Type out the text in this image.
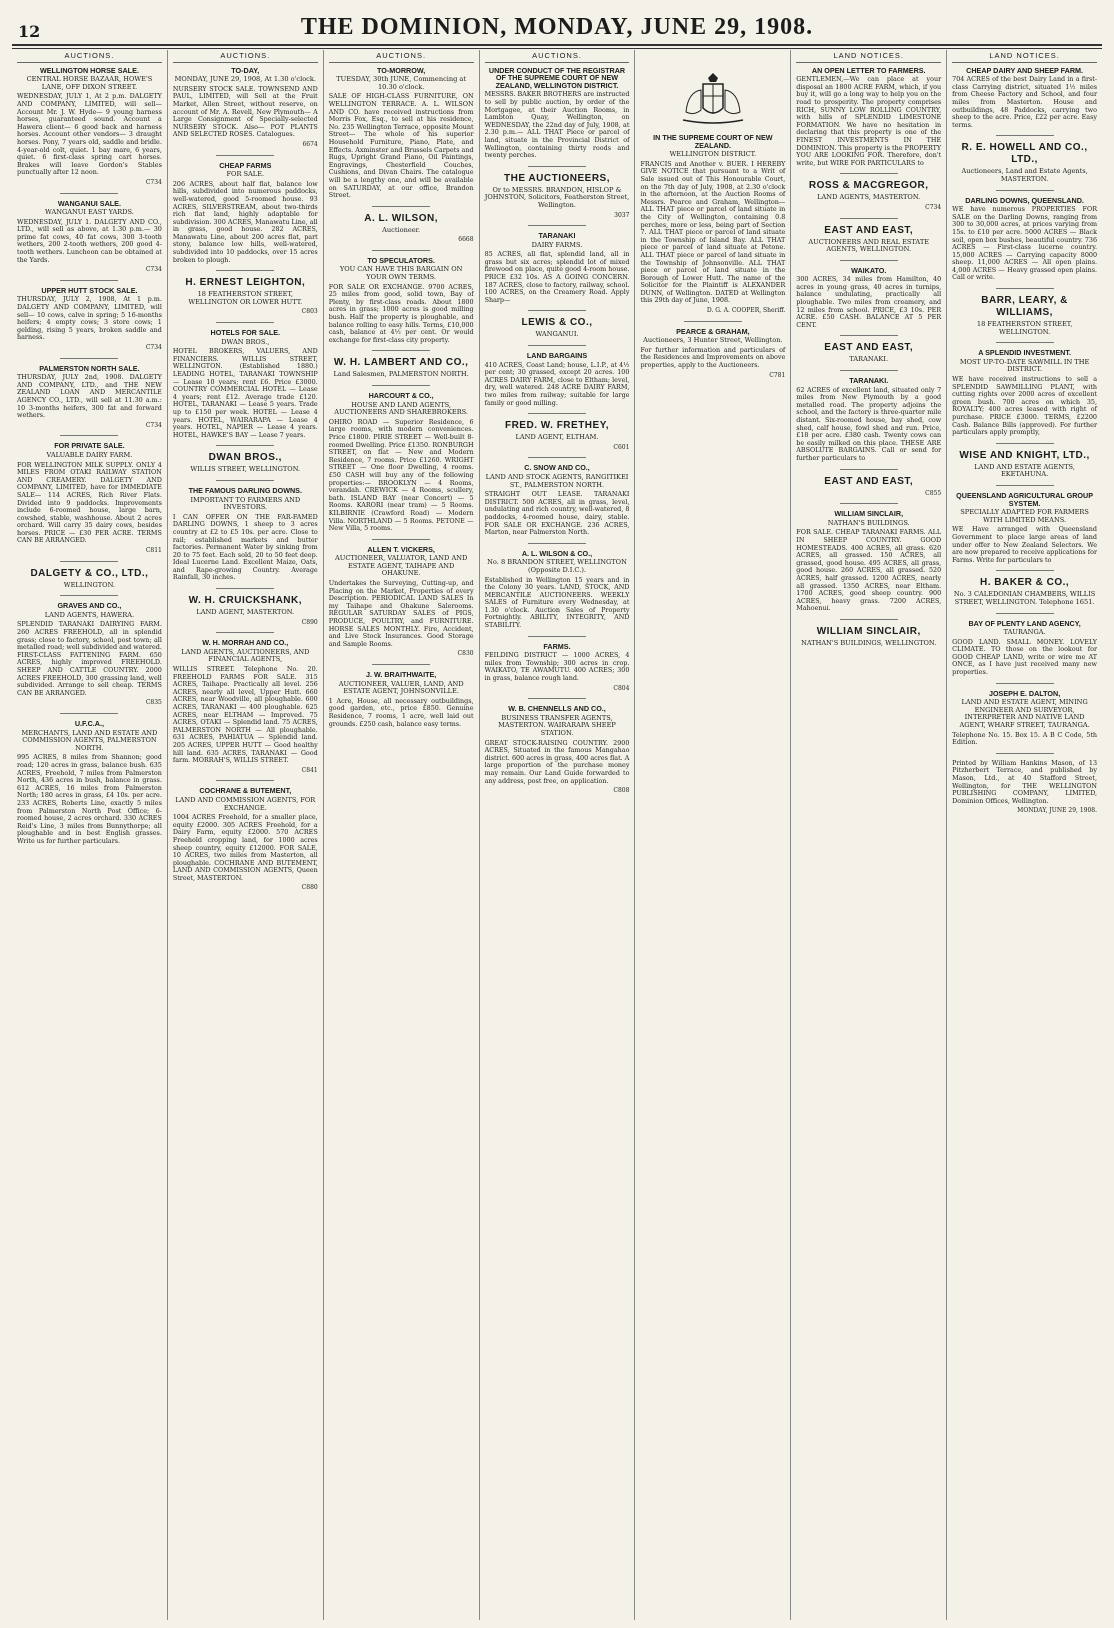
12	THE DOMINION, MONDAY, JUNE 29, 1908.
AUCTIONS.
WELLINGTON HORSE SALE.
CENTRAL HORSE BAZAAR, HOWE'S LANE, OFF DIXON STREET.
WEDNESDAY, JULY 1, At 2 p.m. DALGETY AND COMPANY, LIMITED, will sell— Account Mr. J. W. Hyde— 9 young harness horses, guaranteed sound. Account a Hawera client— 6 good back and harness horses. Account other vendors— 3 draught horses. Pony, 7 years old, saddle and bridle. 4-year-old colt, quiet. 1 bay mare, 6 years, quiet. 6 first-class spring cart horses. Brakes will leave Gordon's Stables punctually after 12 noon.
C734
WANGANUI SALE.
WANGANUI EAST YARDS.
WEDNESDAY, JULY 1. DALGETY AND CO., LTD., will sell as above, at 1.30 p.m.— 30 prime fat cows, 40 fat cows, 300 3-tooth wethers, 200 2-tooth wethers, 200 good 4-tooth wethers. Luncheon can be obtained at the Yards.
C734
UPPER HUTT STOCK SALE.
THURSDAY, JULY 2, 1908, At 1 p.m. DALGETY AND COMPANY, LIMITED, will sell— 10 cows, calve in spring; 5 16-months heifers; 4 empty cows; 3 store cows; 1 gelding, rising 5 years, broken saddle and harness.
C734
PALMERSTON NORTH SALE.
THURSDAY, JULY 2nd, 1908. DALGETY AND COMPANY, LTD., and THE NEW ZEALAND LOAN AND MERCANTILE AGENCY CO., LTD., will sell at 11.30 a.m.: 10 3-months heifers, 300 fat and forward wethers.
C734
FOR PRIVATE SALE.
VALUABLE DAIRY FARM.
FOR WELLINGTON MILK SUPPLY. ONLY 4 MILES FROM OTAKI RAILWAY STATION AND CREAMERY. DALGETY AND COMPANY, LIMITED, have for IMMEDIATE SALE— 114 ACRES, Rich River Flats. Divided into 9 paddocks. Improvements include 6-roomed house, large barn, cowshed, stable, washhouse. About 2 acres orchard. Will carry 35 dairy cows, besides horses. PRICE — £30 PER ACRE. TERMS CAN BE ARRANGED.
C811
DALGETY & CO., LTD.,
WELLINGTON.
GRAVES AND CO.,
LAND AGENTS, HAWERA.
SPLENDID TARANAKI DAIRYING FARM. 260 ACRES FREEHOLD, all in splendid grass; close to factory, school, post town; all metalled road; well subdivided and watered. FIRST-CLASS FATTENING FARM. 650 ACRES, highly improved FREEHOLD. SHEEP AND CATTLE COUNTRY. 2000 ACRES FREEHOLD, 300 grassing land, well subdivided. Arrange to sell cheap. TERMS CAN BE ARRANGED.
C835
U.F.C.A.,
MERCHANTS, LAND AND ESTATE AND COMMISSION AGENTS, PALMERSTON NORTH.
995 ACRES, 8 miles from Shannon; good road; 120 acres in grass, balance bush. 635 ACRES, Freehold, 7 miles from Palmerston North, 436 acres in bush, balance in grass. 612 ACRES, 16 miles from Palmerston North; 180 acres in grass, £4 10s. per acre. 233 ACRES, Roberts Line, exactly 5 miles from Palmerston North Post Office; 6-roomed house, 2 acres orchard. 330 ACRES Reid's Line, 3 miles from Bunnythorpe; all ploughable and in best English grasses. Write us for further particulars.
AUCTIONS.
TO-DAY,
MONDAY, JUNE 29, 1908, At 1.30 o'clock.
NURSERY STOCK SALE. TOWNSEND AND PAUL, LIMITED, will Sell at the Fruit Market, Allen Street, without reserve, on account of Mr. A. Revell, New Plymouth— A Large Consignment of Specially-selected NURSERY STOCK. Also— POT PLANTS AND SELECTED ROSES. Catalogues.
6674
CHEAP FARMS
FOR SALE.
206 ACRES, about half flat, balance low hills, subdivided into numerous paddocks, well-watered, good 5-roomed house. 93 ACRES, SILVERSTREAM, about two-thirds rich flat land, highly adaptable for subdivision. 300 ACRES, Manawatu Line, all in grass, good house. 282 ACRES, Manawatu Line, about 200 acres flat, part stony, balance low hills, well-watered, subdivided into 10 paddocks, over 15 acres broken to plough.
H. ERNEST LEIGHTON,
18 FEATHERSTON STREET, WELLINGTON OR LOWER HUTT.
C803
HOTELS FOR SALE.
DWAN BROS.,
HOTEL BROKERS, VALUERS, AND FINANCIERS. WILLIS STREET, WELLINGTON. (Established 1880.) LEADING HOTEL, TARANAKI TOWNSHIP — Lease 10 years; rent £6. Price £3000. COUNTRY COMMERCIAL HOTEL — Lease 4 years; rent £12. Average trade £120. HOTEL, TARANAKI — Lease 5 years. Trade up to £150 per week. HOTEL — Lease 4 years. HOTEL, WAIRARAPA — Lease 4 years. HOTEL, NAPIER — Lease 4 years. HOTEL, HAWKE'S BAY — Lease 7 years.
DWAN BROS.,
WILLIS STREET, WELLINGTON.
THE FAMOUS DARLING DOWNS.
IMPORTANT TO FARMERS AND INVESTORS.
I CAN OFFER ON THE FAR-FAMED DARLING DOWNS, 1 sheep to 3 acres country at £2 to £5 10s. per acre. Close to rail; established markets and butter factories. Permanent Water by sinking from 20 to 75 feet. Each sold, 20 to 50 feet deep. Ideal Lucerne Land. Excellent Maize, Oats, and Rape-growing Country. Average Rainfall, 30 inches.
W. H. CRUICKSHANK,
LAND AGENT, MASTERTON.
C890
W. H. MORRAH AND CO.,
LAND AGENTS, AUCTIONEERS, AND FINANCIAL AGENTS,
WILLIS STREET. Telephone No. 20. FREEHOLD FARMS FOR SALE. 315 ACRES, Taihape. Practically all level. 256 ACRES, nearly all level, Upper Hutt. 660 ACRES, near Woodville, all ploughable. 600 ACRES, TARANAKI — 400 ploughable. 625 ACRES, near ELTHAM — Improved. 75 ACRES, OTAKI — Splendid land. 75 ACRES, PALMERSTON NORTH — All ploughable. 631 ACRES, PAHIATUA — Splendid land. 205 ACRES, UPPER HUTT — Good healthy hill land. 635 ACRES, TARANAKI — Good farm. MORRAH'S, WILLIS STREET.
C841
COCHRANE & BUTEMENT,
LAND AND COMMISSION AGENTS, FOR EXCHANGE.
1004 ACRES Freehold, for a smaller place, equity £2000. 305 ACRES Freehold, for a Dairy Farm, equity £2000. 570 ACRES Freehold cropping land, for 1000 acres sheep country, equity £12000. FOR SALE, 10 ACRES, two miles from Masterton, all ploughable. COCHRANE AND BUTEMENT, LAND AND COMMISSION AGENTS, Queen Street, MASTERTON.
C880
AUCTIONS.
TO-MORROW,
TUESDAY, 30th JUNE, Commencing at 10.30 o'clock.
SALE OF HIGH-CLASS FURNITURE, ON WELLINGTON TERRACE. A. L. WILSON AND CO. have received instructions from Morris Fox, Esq., to sell at his residence, No. 235 Wellington Terrace, opposite Mount Street— The whole of his superior Household Furniture, Piano, Plate, and Effects. Axminster and Brussels Carpets and Rugs, Upright Grand Piano, Oil Paintings, Engravings, Chesterfield Couches, Cushions, and Divan Chairs. The catalogue will be a lengthy one, and will be available on SATURDAY, at our office, Brandon Street.
A. L. WILSON,
Auctioneer.
6668
TO SPECULATORS.
YOU CAN HAVE THIS BARGAIN ON YOUR OWN TERMS.
FOR SALE OR EXCHANGE. 9700 ACRES, 25 miles from good, solid town, Bay of Plenty, by first-class roads. About 1800 acres in grass; 1000 acres is good milling bush. Half the property is ploughable, and balance rolling to easy hills. Terms, £10,000 cash, balance at 4½ per cent. Or would exchange for first-class city property.
W. H. LAMBERT AND CO.,
Land Salesmen, PALMERSTON NORTH.
HARCOURT & CO.,
HOUSE AND LAND AGENTS, AUCTIONEERS AND SHAREBROKERS.
OHIRO ROAD — Superior Residence, 6 large rooms, with modern conveniences. Price £1800. PIRIE STREET — Well-built 8-roomed Dwelling. Price £1350. RONBURGH STREET, on flat — New and Modern Residence, 7 rooms. Price £1260. WRIGHT STREET — One floor Dwelling, 4 rooms. £50 CASH will buy any of the following properties:— BROOKLYN — 4 Rooms, verandah. CREWICK — 4 Rooms, scullery, bath. ISLAND BAY (near Concert) — 5 Rooms. KARORI (near tram) — 5 Rooms. KILBIRNIE (Crawford Road) — Modern Villa. NORTHLAND — 5 Rooms. PETONE — New Villa, 5 rooms.
ALLEN T. VICKERS,
AUCTIONEER, VALUATOR, LAND AND ESTATE AGENT, TAIHAPE AND OHAKUNE.
Undertakes the Surveying, Cutting-up, and Placing on the Market, Properties of every Description. PERIODICAL LAND SALES In my Taihape and Ohakune Salerooms. REGULAR SATURDAY SALES of PIGS, PRODUCE, POULTRY, and FURNITURE. HORSE SALES MONTHLY. Fire, Accident, and Live Stock Insurances. Good Storage and Sample Rooms.
C830
J. W. BRAITHWAITE,
AUCTIONEER, VALUER, LAND, AND ESTATE AGENT, JOHNSONVILLE.
1 Acre, House, all necessary outbuildings, good garden, etc., price £850. Genuine Residence, 7 rooms, 1 acre, well laid out grounds. £250 cash, balance easy terms.
AUCTIONS.
UNDER CONDUCT OF THE REGISTRAR OF THE SUPREME COURT OF NEW ZEALAND, WELLINGTON DISTRICT.
MESSRS. BAKER BROTHERS are instructed to sell by public auction, by order of the Mortgagee, at their Auction Rooms, in Lambton Quay, Wellington, on WEDNESDAY, the 22nd day of July, 1908, at 2.30 p.m.— ALL THAT Piece or parcel of land, situate in the Provincial District of Wellington, containing thirty roods and twenty perches.
THE AUCTIONEERS,
Or to MESSRS. BRANDON, HISLOP & JOHNSTON, Solicitors, Featherston Street, Wellington.
3037
TARANAKI
DAIRY FARMS.
85 ACRES, all flat, splendid land, all in grass but six acres; splendid lot of mixed firewood on place, quite good 4-room house. PRICE £32 10s. AS A GOING CONCERN. 187 ACRES, close to factory, railway, school. 100 ACRES, on the Creamery Road. Apply Sharp—
LEWIS & CO.,
WANGANUI.
LAND BARGAINS
410 ACRES, Coast Land; house, L.I.P., at 4½ per cent; 30 grassed, except 20 acres. 100 ACRES DAIRY FARM, close to Eltham; level, dry, well watered. 248 ACRE DAIRY FARM, two miles from railway; suitable for large family or good milling.
FRED. W. FRETHEY,
LAND AGENT, ELTHAM.
C601
C. SNOW AND CO.,
LAND AND STOCK AGENTS, RANGITIKEI ST., PALMERSTON NORTH.
STRAIGHT OUT LEASE. TARANAKI DISTRICT. 500 ACRES, all in grass, level, undulating and rich country, well-watered, 8 paddocks, 4-roomed house, dairy, stable. FOR SALE OR EXCHANGE. 236 ACRES, Marton, near Palmerston North.
A. L. WILSON & CO.,
No. 8 BRANDON STREET, WELLINGTON (Opposite D.I.C.).
Established in Wellington 15 years and in the Colony 30 years. LAND, STOCK, AND MERCANTILE AUCTIONEERS. WEEKLY SALES of Furniture every Wednesday, at 1.30 o'clock. Auction Sales of Property Fortnightly. ABILITY, INTEGRITY, AND STABILITY.
FARMS.
FEILDING DISTRICT — 1000 ACRES, 4 miles from Township; 300 acres in crop. WAIKATO, TE AWAMUTU. 400 ACRES; 300 in grass, balance rough land.
C804
W. B. CHENNELLS AND CO.,
BUSINESS TRANSFER AGENTS, MASTERTON. WAIRARAPA SHEEP STATION.
GREAT STOCK-RAISING COUNTRY. 2900 ACRES, Situated in the famous Mangahao district. 600 acres in grass, 400 acres flat. A large proportion of the purchase money may remain. Our Land Guide forwarded to any address, post free, on application.
C808
IN THE SUPREME COURT OF NEW ZEALAND.
WELLINGTON DISTRICT.
FRANCIS and Another v. BUER. I HEREBY GIVE NOTICE that pursuant to a Writ of Sale issued out of This Honourable Court, on the 7th day of July, 1908, at 2.30 o'clock in the afternoon, at the Auction Rooms of Messrs. Pearce and Graham, Wellington— ALL THAT piece or parcel of land situate in the City of Wellington, containing 0.8 perches, more or less, being part of Section 7. ALL THAT piece or parcel of land situate in the Township of Island Bay. ALL THAT piece or parcel of land situate at Petone. ALL THAT piece or parcel of land situate in the Township of Johnsonville. ALL THAT piece or parcel of land situate in the Borough of Lower Hutt. The name of the Solicitor for the Plaintiff is ALEXANDER DUNN, of Wellington. DATED at Wellington this 29th day of June, 1908.
D. G. A. COOPER, Sheriff.
PEARCE & GRAHAM,
Auctioneers, 3 Hunter Street, Wellington.
For further information and particulars of the Residences and Improvements on above properties, apply to the Auctioneers.
C781
LAND NOTICES.
AN OPEN LETTER TO FARMERS.
GENTLEMEN,—We can place at your disposal an 1800 ACRE FARM, which, if you buy it, will go a long way to help you on the road to prosperity. The property comprises RICH, SUNNY LOW ROLLING COUNTRY, with hills of SPLENDID LIMESTONE FORMATION. We have no hesitation in declaring that this property is one of the FINEST INVESTMENTS IN THE DOMINION. This property is the PROPERTY YOU ARE LOOKING FOR. Therefore, don't write, but WIRE FOR PARTICULARS to
ROSS & MACGREGOR,
LAND AGENTS, MASTERTON.
C734
EAST AND EAST,
AUCTIONEERS AND REAL ESTATE AGENTS, WELLINGTON.
WAIKATO.
300 ACRES, 34 miles from Hamilton, 40 acres in young grass, 40 acres in turnips, balance undulating, practically all ploughable. Two miles from creamery, and 12 miles from school. PRICE, £3 10s. PER ACRE. £50 CASH. BALANCE AT 5 PER CENT.
EAST AND EAST,
TARANAKI.
TARANAKI.
62 ACRES of excellent land, situated only 7 miles from New Plymouth by a good metalled road. The property adjoins the school, and the factory is three-quarter mile distant. Six-roomed house, bay shed, cow shed, calf house, fowl shed and run. Price, £18 per acre. £380 cash. Twenty cows can be easily milked on this place. THESE ARE ABSOLUTE BARGAINS. Call or send for further particulars to
EAST AND EAST,
C855
WILLIAM SINCLAIR,
NATHAN'S BUILDINGS.
FOR SALE. CHEAP TARANAKI FARMS. ALL IN SHEEP COUNTRY. GOOD HOMESTEADS. 400 ACRES, all grass. 620 ACRES, all grassed. 150 ACRES, all grassed, good house. 495 ACRES, all grass, good house. 260 ACRES, all grassed. 520 ACRES, half grassed. 1200 ACRES, nearly all grassed. 1350 ACRES, near Eltham. 1700 ACRES, good sheep country. 900 ACRES, heavy grass. 7200 ACRES, Mahoenui.
WILLIAM SINCLAIR,
NATHAN'S BUILDINGS, WELLINGTON.
LAND NOTICES.
CHEAP DAIRY AND SHEEP FARM.
704 ACRES of the best Dairy Land in a first-class Carrying district, situated 1½ miles from Cheese Factory and School, and four miles from Masterton. House and outbuildings, 48 Paddocks, carrying two sheep to the acre. Price, £22 per acre. Easy terms.
R. E. HOWELL AND CO., LTD.,
Auctioneers, Land and Estate Agents, MASTERTON.
DARLING DOWNS, QUEENSLAND.
WE have numerous PROPERTIES FOR SALE on the Darling Downs, ranging from 300 to 30,000 acres, at prices varying from 15s. to £10 per acre. 5000 ACRES — Black soil, open box bushes, beautiful country. 736 ACRES — First-class lucerne country. 15,000 ACRES — Carrying capacity 8000 sheep. 11,000 ACRES — All open plains. 4,000 ACRES — Heavy grassed open plains. Call or write.
BARR, LEARY, & WILLIAMS,
18 FEATHERSTON STREET, WELLINGTON.
A SPLENDID INVESTMENT.
MOST UP-TO-DATE SAWMILL IN THE DISTRICT.
WE have received instructions to sell a SPLENDID SAWMILLING PLANT, with cutting rights over 2000 acres of excellent green bush. 700 acres on which 35, ROYALTY; 400 acres leased with right of purchase. PRICE £3000. TERMS, £2200 Cash. Balance Bills (approved). For further particulars apply promptly,
WISE AND KNIGHT, LTD.,
LAND AND ESTATE AGENTS, EKETAHUNA.
QUEENSLAND AGRICULTURAL GROUP SYSTEM.
SPECIALLY ADAPTED FOR FARMERS WITH LIMITED MEANS.
WE Have arranged with Queensland Government to place large areas of land under offer to New Zealand Selectors. We are now prepared to receive applications for Farms. Write for particulars to
H. BAKER & CO.,
No. 3 CALEDONIAN CHAMBERS, WILLIS STREET, WELLINGTON. Telephone 1651.
BAY OF PLENTY LAND AGENCY,
TAURANGA.
GOOD LAND. SMALL MONEY. LOVELY CLIMATE. TO those on the lookout for GOOD CHEAP LAND, write or wire me AT ONCE, as I have just received many new properties.
JOSEPH E. DALTON,
LAND AND ESTATE AGENT, MINING ENGINEER AND SURVEYOR, INTERPRETER AND NATIVE LAND AGENT, WHARF STREET, TAURANGA.
Telephone No. 15. Box 15. A B C Code, 5th Edition.
Printed by William Hankins Mason, of 13 Pitzherbert Terrace, and published by Mason, Ltd., at 40 Stafford Street, Wellington, for THE WELLINGTON PUBLISHING COMPANY, LIMITED, Dominion Offices, Wellington.
MONDAY, JUNE 29, 1908.
